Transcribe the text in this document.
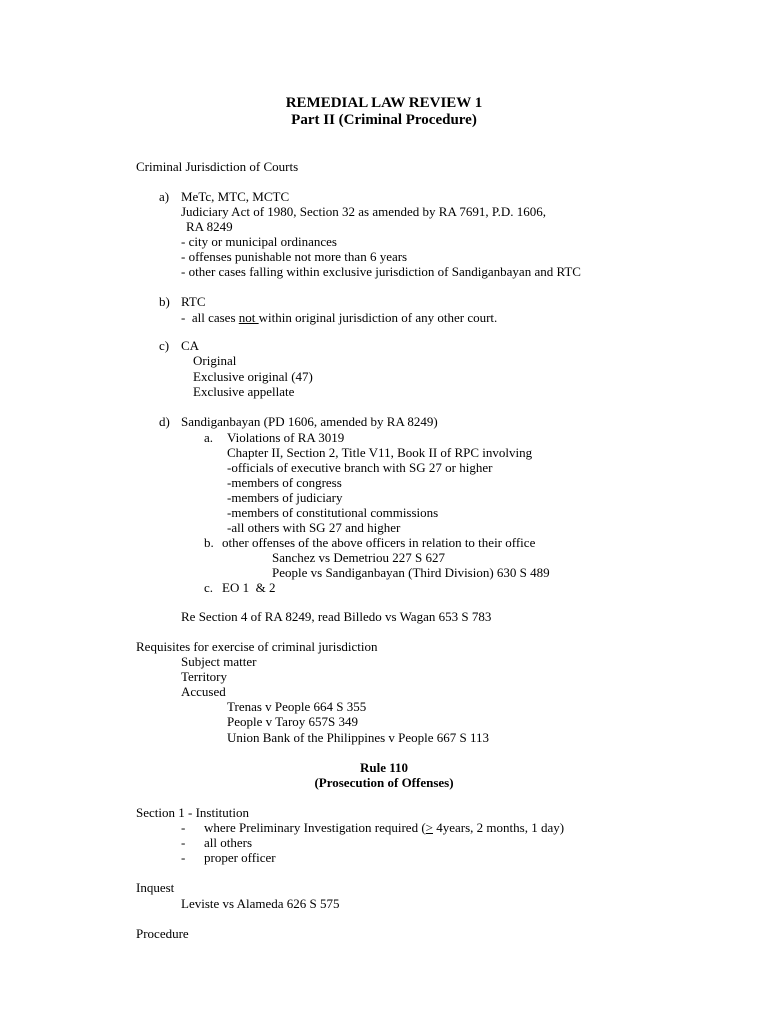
REMEDIAL LAW REVIEW 1
Part II (Criminal Procedure)
Criminal Jurisdiction of Courts
a) MeTc, MTC, MCTC
Judiciary Act of 1980, Section 32 as amended by RA 7691, P.D. 1606,
RA 8249
- city or municipal ordinances
- offenses punishable not more than 6 years
- other cases falling within exclusive jurisdiction of Sandiganbayan and RTC
b) RTC
-  all cases not within original jurisdiction of any other court.
c) CA
Original
Exclusive original (47)
Exclusive appellate
d) Sandiganbayan (PD 1606, amended by RA 8249)
a. Violations of RA 3019
Chapter II, Section 2, Title V11, Book II of RPC involving
-officials of executive branch with SG 27 or higher
-members of congress
-members of judiciary
-members of constitutional commissions
-all others with SG 27 and higher
b. other offenses of the above officers in relation to their office
Sanchez vs Demetriou 227 S 627
People vs Sandiganbayan (Third Division) 630 S 489
c. EO 1  & 2
Re Section 4 of RA 8249, read Billedo vs Wagan 653 S 783
Requisites for exercise of criminal jurisdiction
Subject matter
Territory
Accused
Trenas v People 664 S 355
People v Taroy 657S 349
Union Bank of the Philippines v People 667 S 113
Rule 110
(Prosecution of Offenses)
Section 1 - Institution
- where Preliminary Investigation required (≥ 4years, 2 months, 1 day)
- all others
- proper officer
Inquest
Leviste vs Alameda 626 S 575
Procedure
